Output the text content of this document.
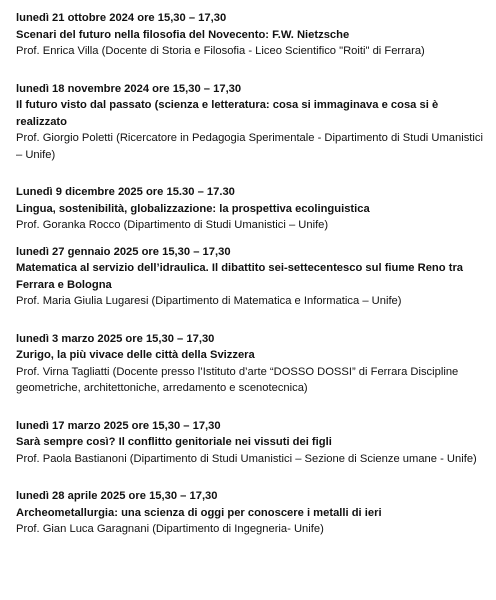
lunedì 21 ottobre 2024 ore 15,30 – 17,30

Scenari del futuro nella filosofia del Novecento: F.W. Nietzsche

Prof. Enrica Villa (Docente di Storia e Filosofia - Liceo Scientifico "Roiti" di Ferrara)

lunedì 18 novembre 2024 ore 15,30 – 17,30

Il futuro visto dal passato (scienza e letteratura: cosa si immaginava e cosa si è realizzato

Prof. Giorgio Poletti (Ricercatore in Pedagogia Sperimentale - Dipartimento di Studi Umanistici – Unife)

Lunedì 9 dicembre 2025 ore 15.30 – 17.30

Lingua, sostenibilità, globalizzazione: la prospettiva ecolinguistica

Prof. Goranka Rocco (Dipartimento di Studi Umanistici – Unife)

lunedì 27 gennaio 2025 ore 15,30 – 17,30

Matematica al servizio dell’idraulica. Il dibattito sei-settecentesco sul fiume Reno tra Ferrara e Bologna

Prof. Maria Giulia Lugaresi (Dipartimento di Matematica e Informatica – Unife)

lunedì 3 marzo 2025 ore 15,30 – 17,30

Zurigo, la più vivace delle città della Svizzera

Prof. Virna Tagliatti (Docente presso l’Istituto d’arte “DOSSO DOSSI” di Ferrara Discipline geometriche, architettoniche, arredamento e scenotecnica)

lunedì 17 marzo 2025 ore 15,30 – 17,30

Sarà sempre così? Il conflitto genitoriale nei vissuti dei figli

Prof. Paola Bastianoni (Dipartimento di Studi Umanistici – Sezione di Scienze umane - Unife)

lunedì 28 aprile 2025 ore 15,30 – 17,30

Archeometallurgia: una scienza di oggi per conoscere i metalli di ieri

Prof. Gian Luca Garagnani (Dipartimento di Ingegneria- Unife)
